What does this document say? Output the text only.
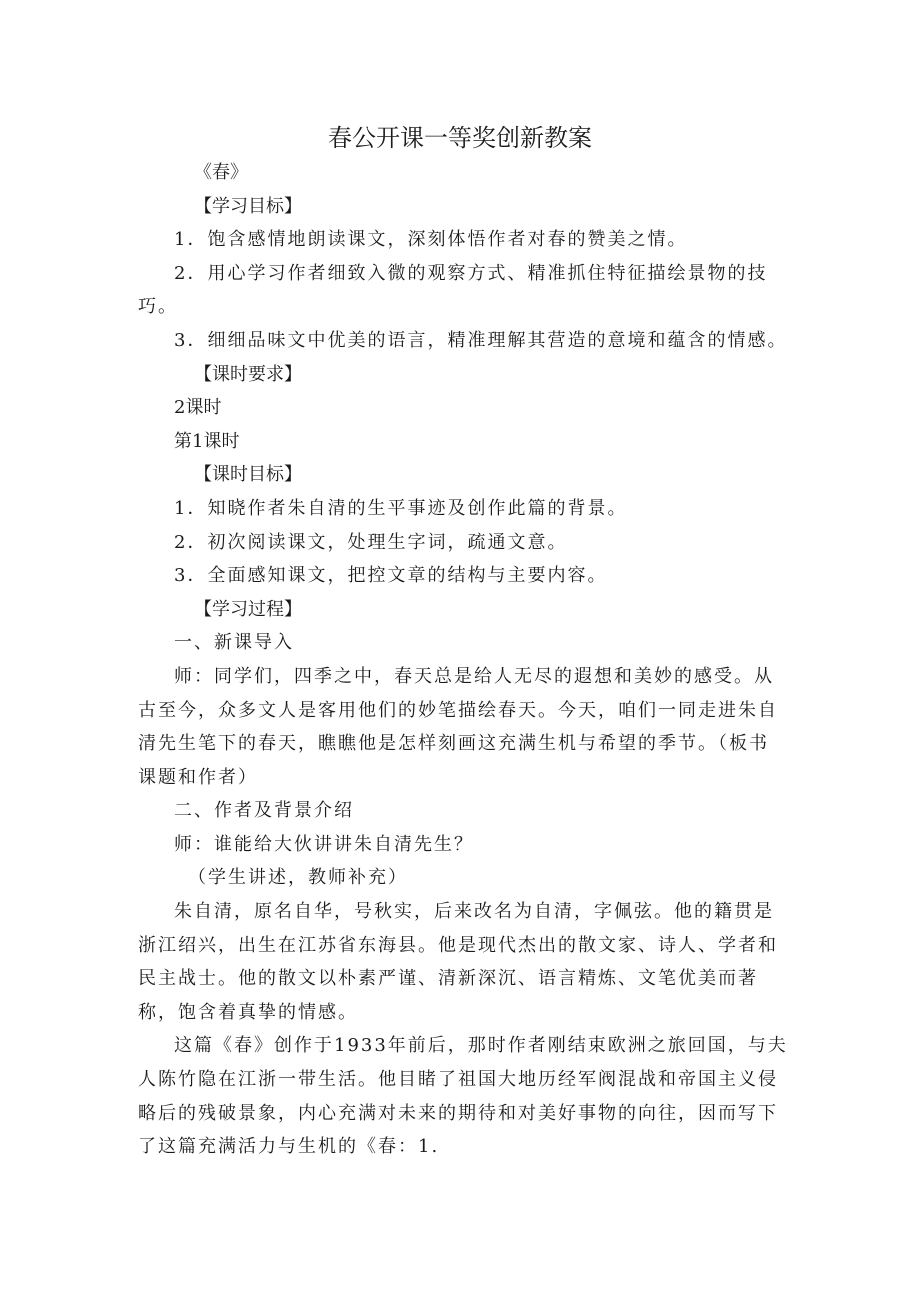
春公开课一等奖创新教案

《春》

【学习目标】

1．饱含感情地朗读课文，深刻体悟作者对春的赞美之情。

2．用心学习作者细致入微的观察方式、精准抓住特征描绘景物的技巧。

3．细细品味文中优美的语言，精准理解其营造的意境和蕴含的情感。

【课时要求】

2课时

第1课时

【课时目标】

1．知晓作者朱自清的生平事迹及创作此篇的背景。

2．初次阅读课文，处理生字词，疏通文意。

3．全面感知课文，把控文章的结构与主要内容。

【学习过程】

一、新课导入

师：同学们，四季之中，春天总是给人无尽的遐想和美妙的感受。从古至今，众多文人是客用他们的妙笔描绘春天。今天，咱们一同走进朱自清先生笔下的春天，瞧瞧他是怎样刻画这充满生机与希望的季节。（板书课题和作者）

二、作者及背景介绍

师：谁能给大伙讲讲朱自清先生？

（学生讲述，教师补充）

朱自清，原名自华，号秋实，后来改名为自清，字佩弦。他的籍贯是浙江绍兴，出生在江苏省东海县。他是现代杰出的散文家、诗人、学者和民主战士。他的散文以朴素严谨、清新深沉、语言精炼、文笔优美而著称，饱含着真挚的情感。

这篇《春》创作于1933年前后，那时作者刚结束欧洲之旅回国，与夫人陈竹隐在江浙一带生活。他目睹了祖国大地历经军阀混战和帝国主义侵略后的残破景象，内心充满对未来的期待和对美好事物的向往，因而写下了这篇充满活力与生机的《春：1.
